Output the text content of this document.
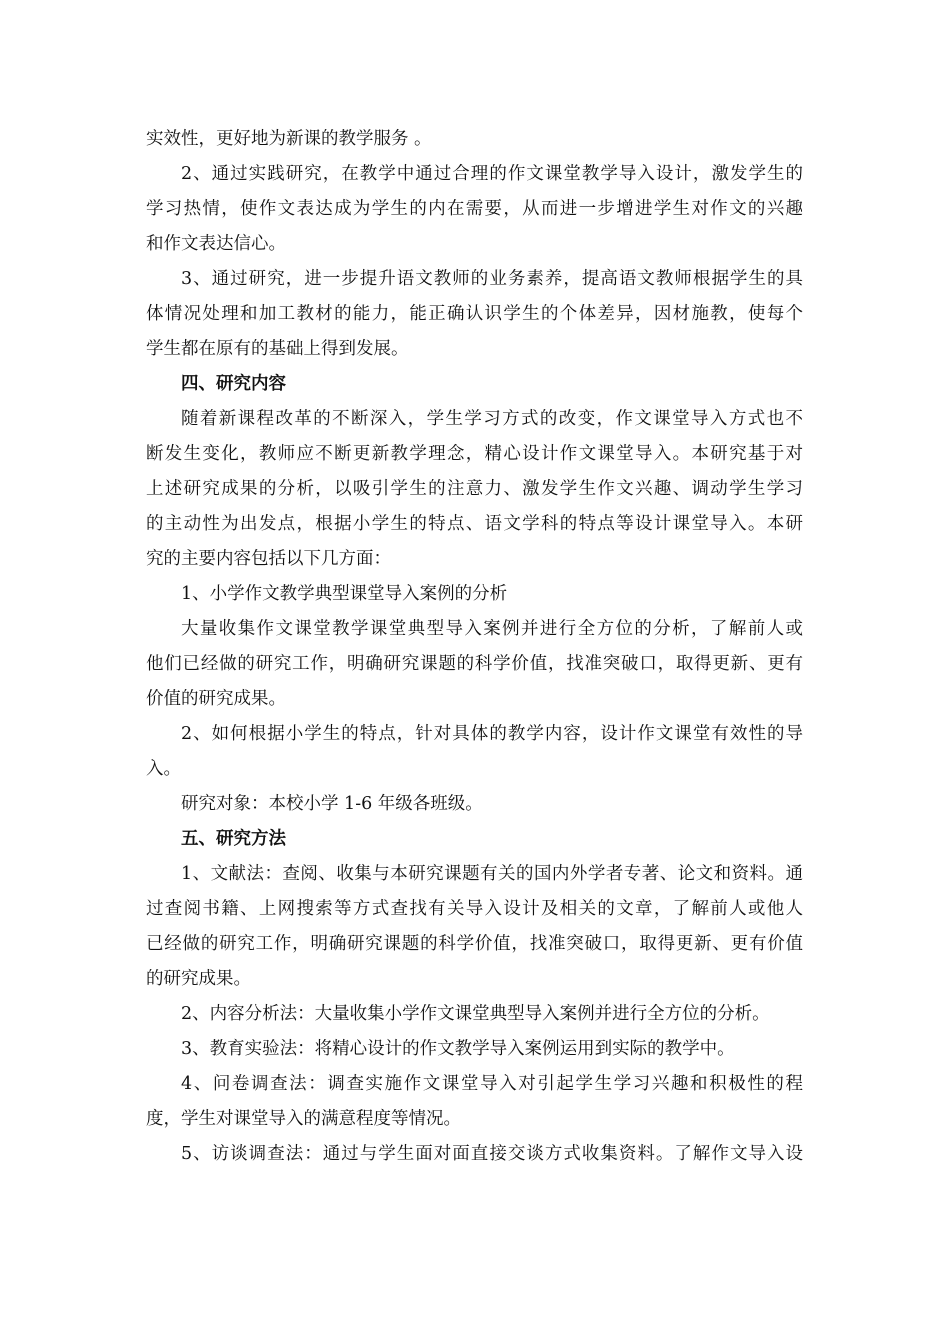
实效性，更好地为新课的教学服务 。
2、通过实践研究，在教学中通过合理的作文课堂教学导入设计，激发学生的
学习热情，使作文表达成为学生的内在需要，从而进一步增进学生对作文的兴趣
和作文表达信心。
3、通过研究，进一步提升语文教师的业务素养，提高语文教师根据学生的具
体情况处理和加工教材的能力，能正确认识学生的个体差异，因材施教，使每个
学生都在原有的基础上得到发展。
四、研究内容
随着新课程改革的不断深入，学生学习方式的改变，作文课堂导入方式也不
断发生变化，教师应不断更新教学理念，精心设计作文课堂导入。本研究基于对
上述研究成果的分析，以吸引学生的注意力、激发学生作文兴趣、调动学生学习
的主动性为出发点，根据小学生的特点、语文学科的特点等设计课堂导入。本研
究的主要内容包括以下几方面：
1、小学作文教学典型课堂导入案例的分析
大量收集作文课堂教学课堂典型导入案例并进行全方位的分析，了解前人或
他们已经做的研究工作，明确研究课题的科学价值，找准突破口，取得更新、更有
价值的研究成果。
2、如何根据小学生的特点，针对具体的教学内容，设计作文课堂有效性的导
入。
研究对象：本校小学 1-6 年级各班级。
五、研究方法
1、文献法：查阅、收集与本研究课题有关的国内外学者专著、论文和资料。通
过查阅书籍、上网搜索等方式查找有关导入设计及相关的文章，了解前人或他人
已经做的研究工作，明确研究课题的科学价值，找准突破口，取得更新、更有价值
的研究成果。
2、内容分析法：大量收集小学作文课堂典型导入案例并进行全方位的分析。
3、教育实验法：将精心设计的作文教学导入案例运用到实际的教学中。
4、问卷调查法：调查实施作文课堂导入对引起学生学习兴趣和积极性的程
度，学生对课堂导入的满意程度等情况。
5、访谈调查法：通过与学生面对面直接交谈方式收集资料。了解作文导入设
